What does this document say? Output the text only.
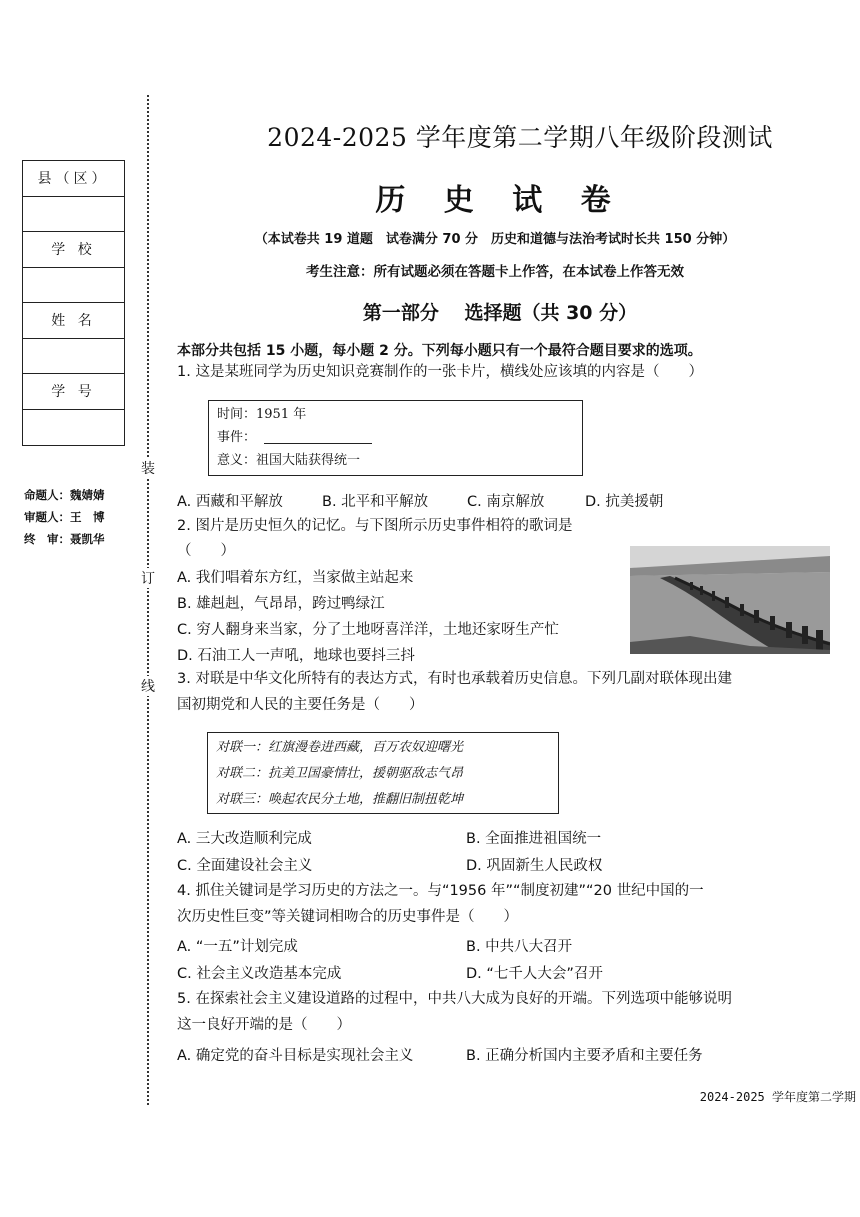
县（区）
学 校
姓 名
学 号
命题人：魏婧婧
审题人：王　博
终　审：聂凯华
装
订
线
2024-2025 学年度第二学期八年级阶段测试
历 史 试 卷
（本试卷共 19 道题　试卷满分 70 分　历史和道德与法治考试时长共 150 分钟）
考生注意：所有试题必须在答题卡上作答，在本试卷上作答无效
第一部分　 选择题（共 30 分）
本部分共包括 15 小题，每小题 2 分。下列每小题只有一个最符合题目要求的选项。
1. 这是某班同学为历史知识竞赛制作的一张卡片，横线处应该填的内容是（　　）
时间：1951 年
事件：
意义：祖国大陆获得统一
A. 西藏和平解放	B. 北平和平解放	C. 南京解放	D. 抗美援朝
2. 图片是历史恒久的记忆。与下图所示历史事件相符的歌词是
（　　）
A. 我们唱着东方红，当家做主站起来
B. 雄赳赳，气昂昂，跨过鸭绿江
C. 穷人翻身来当家，分了土地呀喜洋洋，土地还家呀生产忙
D. 石油工人一声吼，地球也要抖三抖
3. 对联是中华文化所特有的表达方式，有时也承载着历史信息。下列几副对联体现出建
国初期党和人民的主要任务是（　　）
对联一：红旗漫卷进西藏，百万农奴迎曙光
对联二：抗美卫国豪情壮，援朝驱敌志气昂
对联三：唤起农民分土地，推翻旧制扭乾坤
A. 三大改造顺利完成	B. 全面推进祖国统一
C. 全面建设社会主义	D. 巩固新生人民政权
4. 抓住关键词是学习历史的方法之一。与“1956 年”“制度初建”“20 世纪中国的一
次历史性巨变”等关键词相吻合的历史事件是（　　）
A. “一五”计划完成	B. 中共八大召开
C. 社会主义改造基本完成	D. “七千人大会”召开
5. 在探索社会主义建设道路的过程中，中共八大成为良好的开端。下列选项中能够说明
这一良好开端的是（　　）
A. 确定党的奋斗目标是实现社会主义	B. 正确分析国内主要矛盾和主要任务
2024-2025 学年度第二学期
